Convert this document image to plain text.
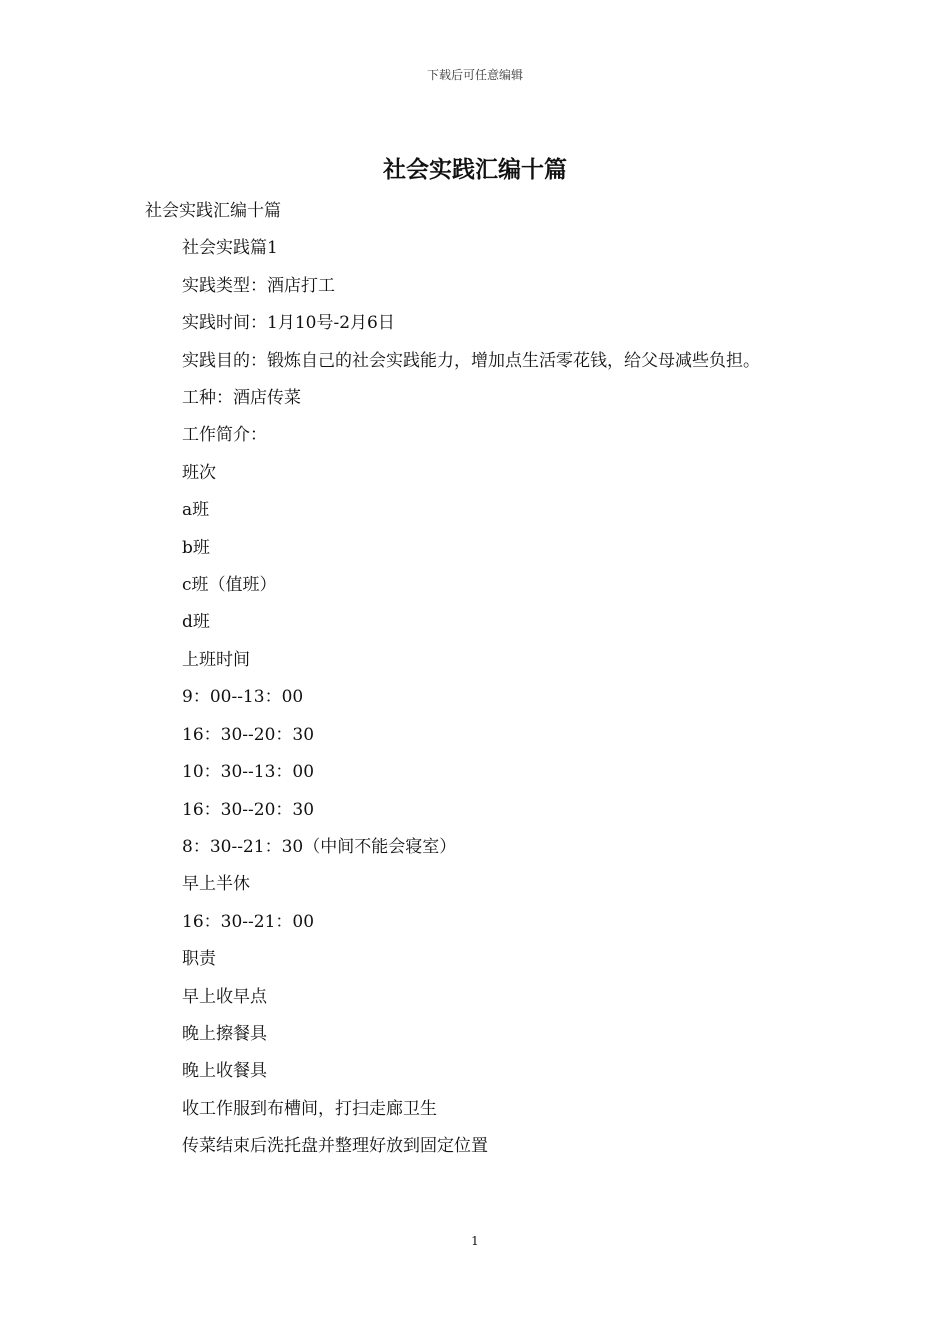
下载后可任意编辑
社会实践汇编十篇

社会实践汇编十篇

社会实践篇1

实践类型：酒店打工

实践时间：1月10号-2月6日

实践目的：锻炼自己的社会实践能力，增加点生活零花钱，给父母减些负担。

工种：酒店传菜

工作简介：

班次

a班

b班

c班（值班）

d班

上班时间

9：00--13：00

16：30--20：30

10：30--13：00

16：30--20：30

8：30--21：30（中间不能会寝室）

早上半休

16：30--21：00

职责

早上收早点

晚上擦餐具

晚上收餐具

收工作服到布槽间，打扫走廊卫生

传菜结束后洗托盘并整理好放到固定位置

1
